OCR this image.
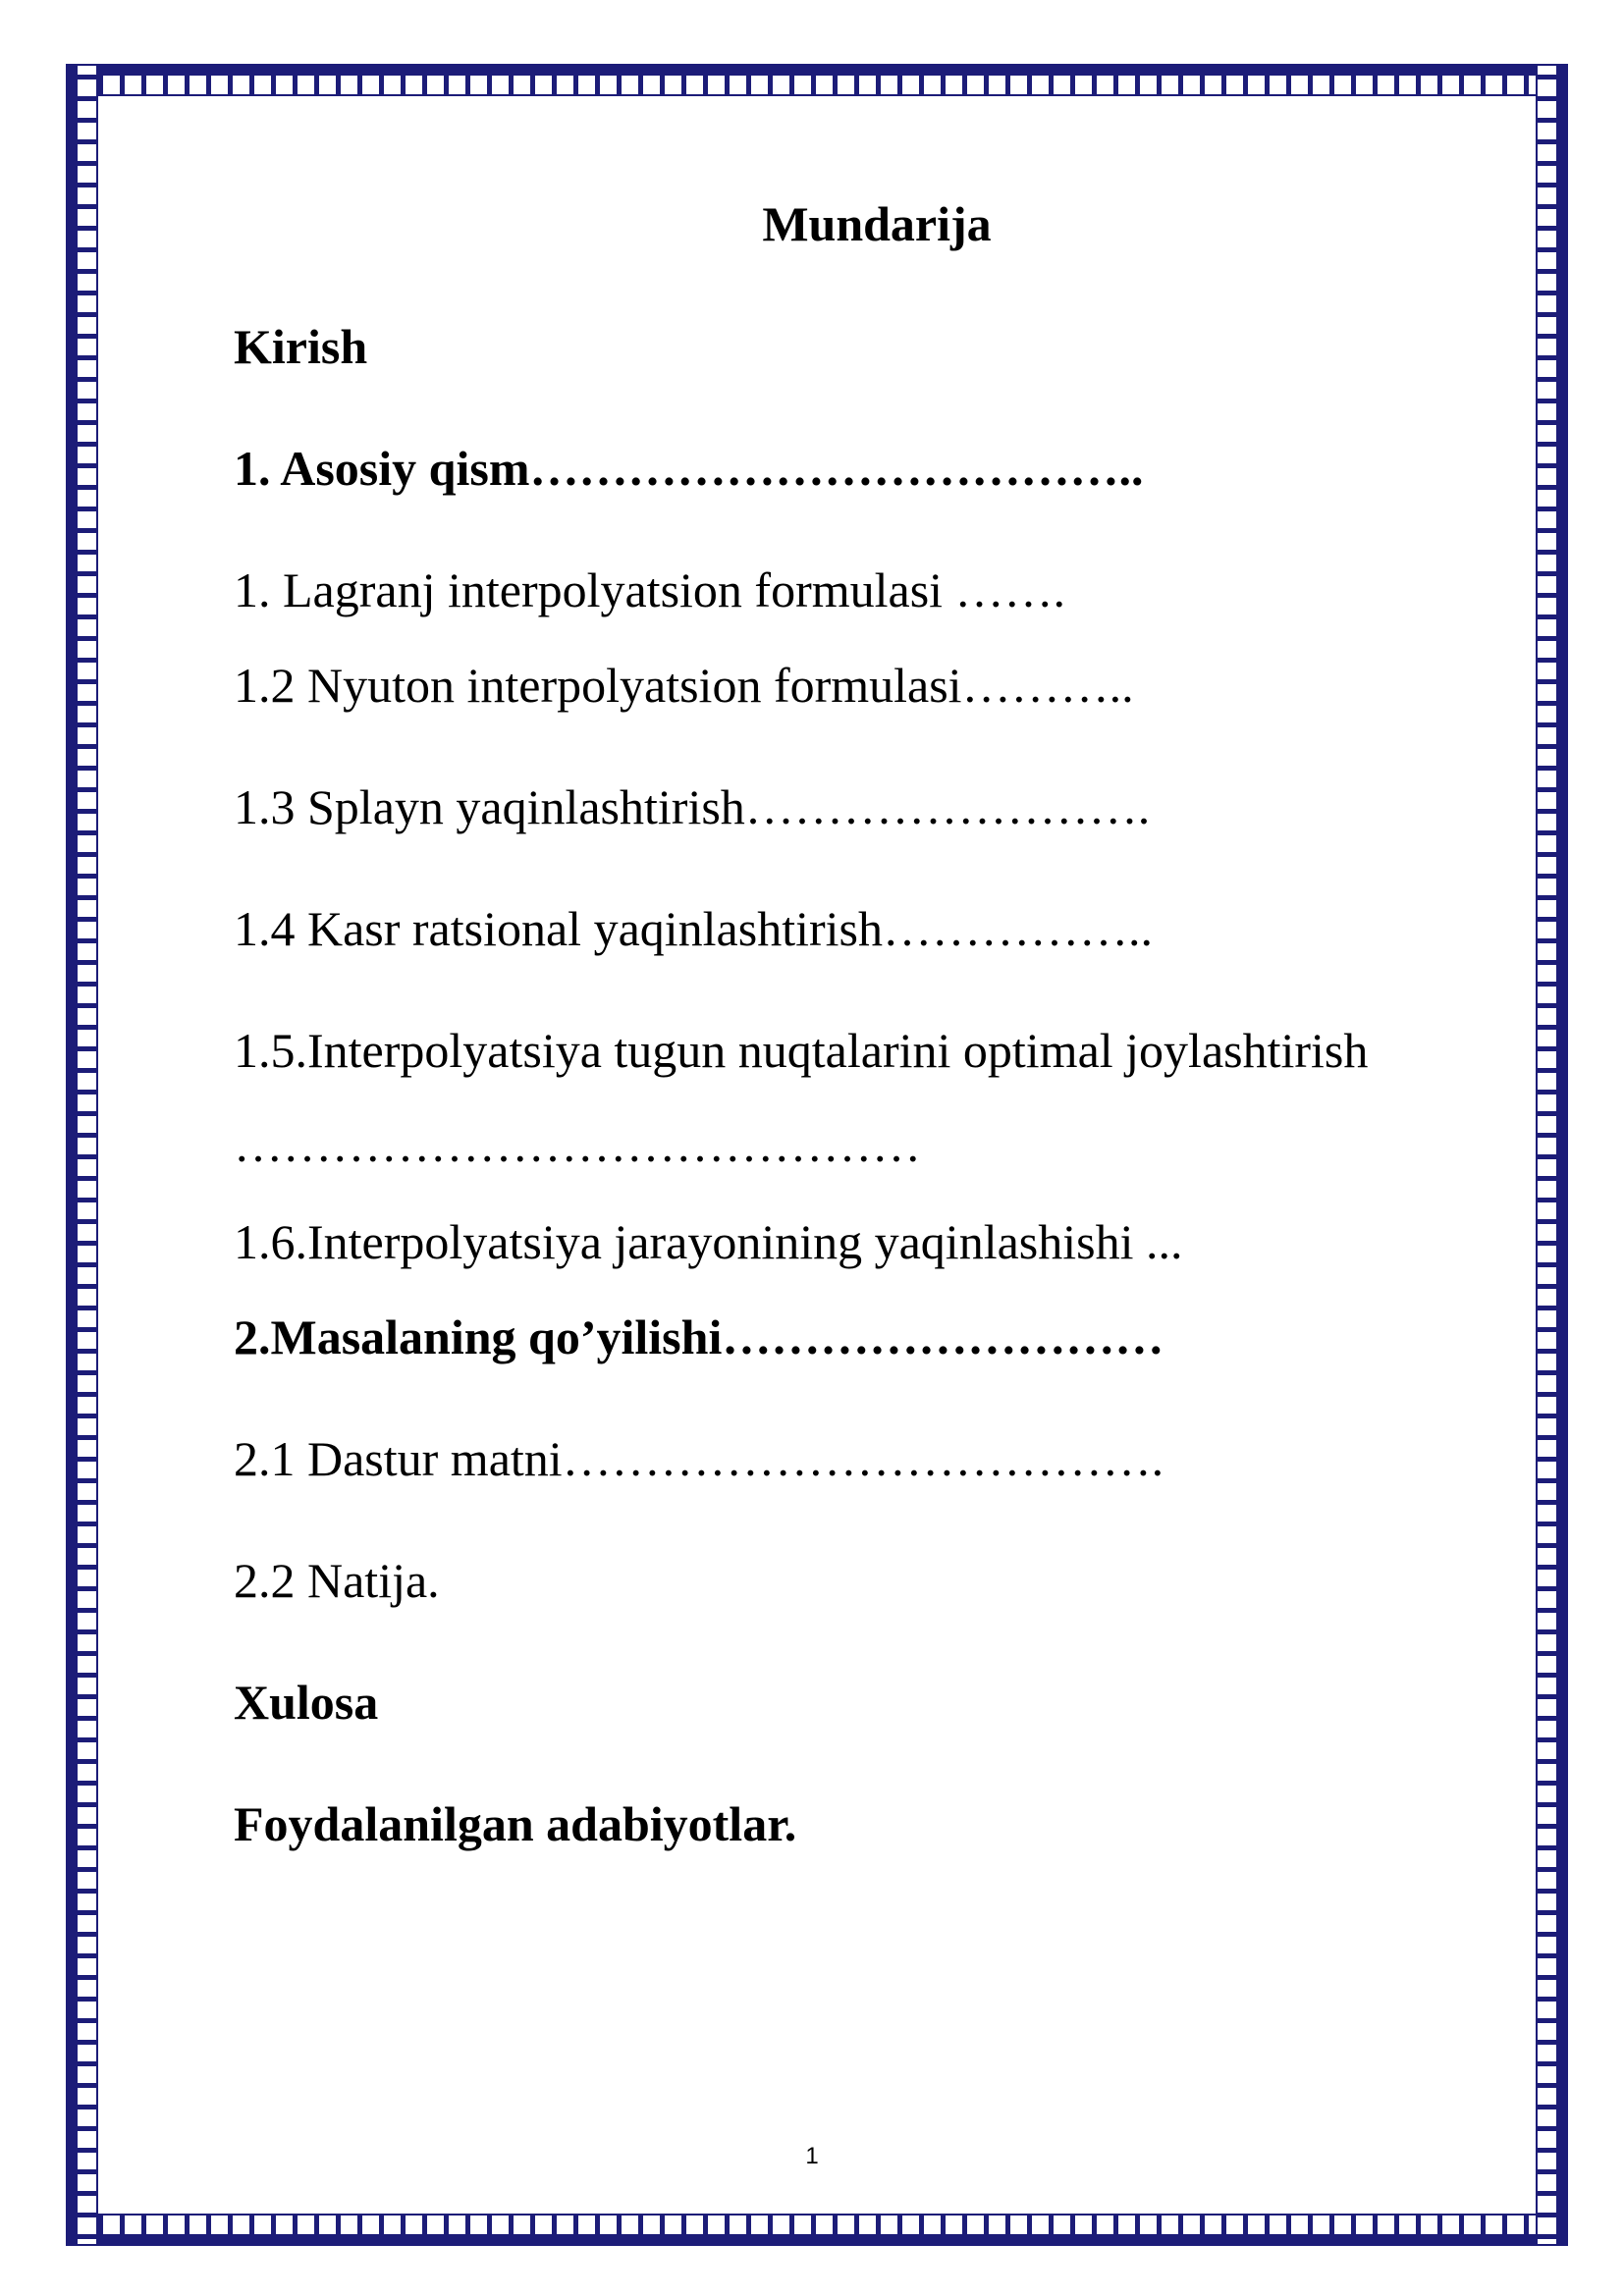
Mundarija
Kirish
1. Asosiy qism………………………………..
1. Lagranj interpolyatsion formulasi …….
1.2 Nyuton interpolyatsion formulasi………..
1.3 Splayn yaqinlashtirish…………………….
1.4 Kasr ratsional yaqinlashtirish……………..
1.5.Interpolyatsiya tugun nuqtalarini optimal joylashtirish
……………………………………
1.6.Interpolyatsiya jarayonining yaqinlashishi ...
2.Masalaning qo’yilishi………………………
2.1 Dastur matni……………………………….
2.2 Natija.
Xulosa
Foydalanilgan adabiyotlar.
1
